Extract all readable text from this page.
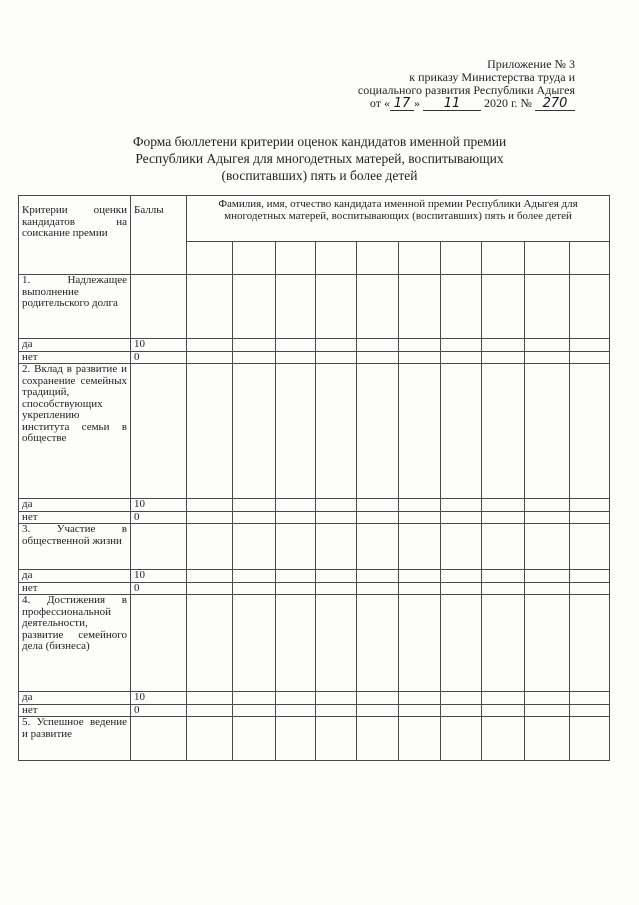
Приложение № 3
к приказу Министерства труда и
социального развития Республики Адыгея
от « 17 » 11 2020 г. № 270
Форма бюллетени критерии оценок кандидатов именной премии
Республики Адыгея для многодетных матерей, воспитывающих
(воспитавших) пять и более детей
Критерии оценки кандидатов на соискание премии	Баллы	Фамилия, имя, отчество кандидата именной премии Республики Адыгея для многодетных матерей, воспитывающих (воспитавших) пять и более детей									

1. Надлежащее выполнение родительского долга											
да	10										
нет	0										
2. Вклад в развитие и сохранение семейных традиций, способствующих укреплению института семьи в обществе											
да	10										
нет	0										
3. Участие в общественной жизни											
да	10										
нет	0										
4. Достижения в профессиональной деятельности, развитие семейного дела (бизнеса)											
да	10										
нет	0										
5. Успешное ведение и развитие											
